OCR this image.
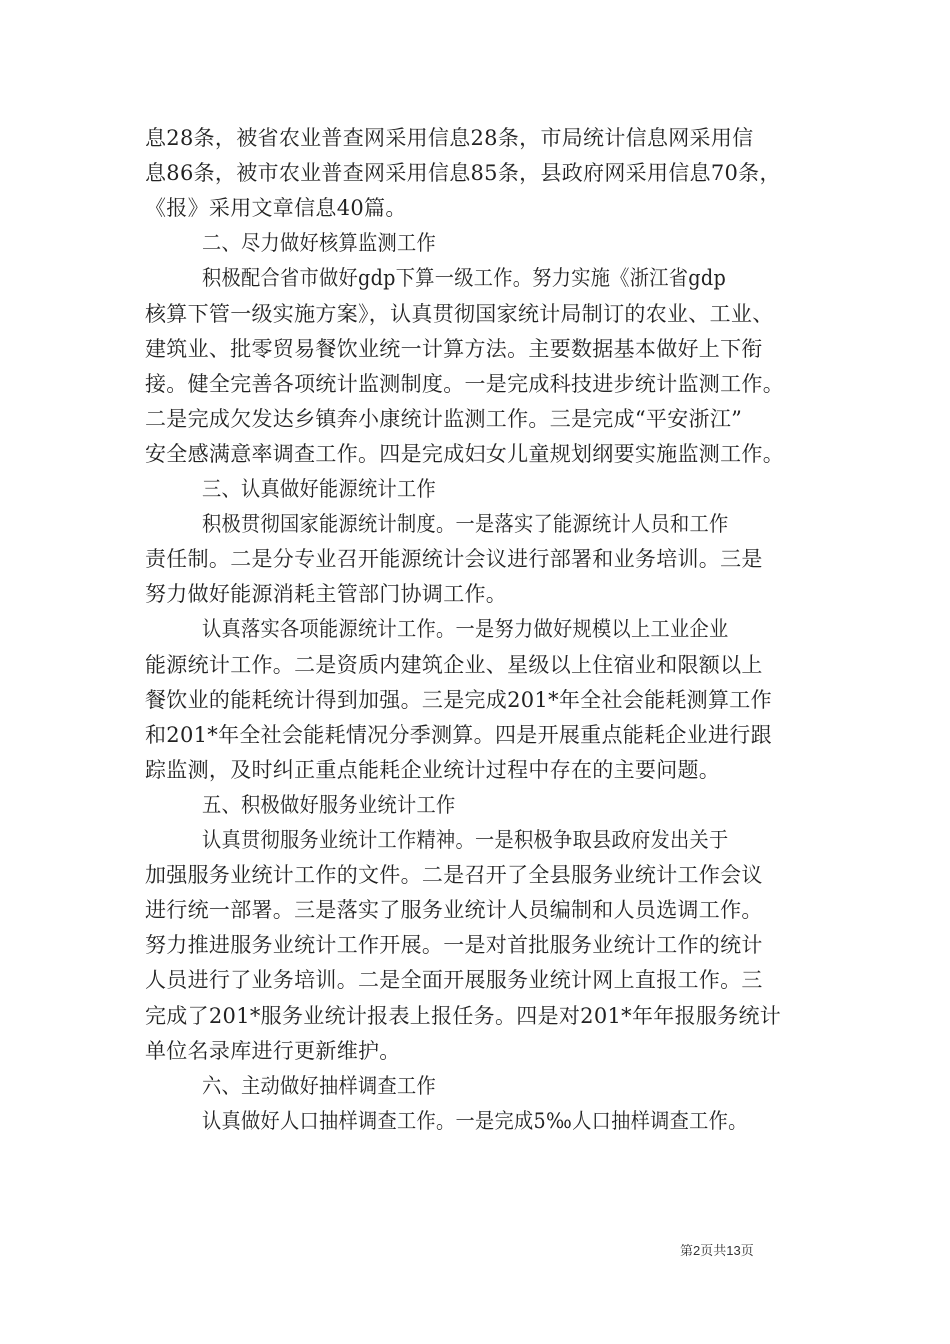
息28条，被省农业普查网采用信息28条，市局统计信息网采用信
息86条，被市农业普查网采用信息85条，县政府网采用信息70条，
《报》采用文章信息40篇。
二、尽力做好核算监测工作
积极配合省市做好gdp下算一级工作。努力实施《浙江省gdp
核算下管一级实施方案》，认真贯彻国家统计局制订的农业、工业、
建筑业、批零贸易餐饮业统一计算方法。主要数据基本做好上下衔
接。健全完善各项统计监测制度。一是完成科技进步统计监测工作。
二是完成欠发达乡镇奔小康统计监测工作。三是完成“平安浙江”
安全感满意率调查工作。四是完成妇女儿童规划纲要实施监测工作。
三、认真做好能源统计工作
积极贯彻国家能源统计制度。一是落实了能源统计人员和工作
责任制。二是分专业召开能源统计会议进行部署和业务培训。三是
努力做好能源消耗主管部门协调工作。
认真落实各项能源统计工作。一是努力做好规模以上工业企业
能源统计工作。二是资质内建筑企业、星级以上住宿业和限额以上
餐饮业的能耗统计得到加强。三是完成201*年全社会能耗测算工作
和201*年全社会能耗情况分季测算。四是开展重点能耗企业进行跟
踪监测，及时纠正重点能耗企业统计过程中存在的主要问题。
五、积极做好服务业统计工作
认真贯彻服务业统计工作精神。一是积极争取县政府发出关于
加强服务业统计工作的文件。二是召开了全县服务业统计工作会议
进行统一部署。三是落实了服务业统计人员编制和人员选调工作。
努力推进服务业统计工作开展。一是对首批服务业统计工作的统计
人员进行了业务培训。二是全面开展服务业统计网上直报工作。三
完成了201*服务业统计报表上报任务。四是对201*年年报服务统计
单位名录库进行更新维护。
六、主动做好抽样调查工作
认真做好人口抽样调查工作。一是完成5‰人口抽样调查工作。
第2页共13页
